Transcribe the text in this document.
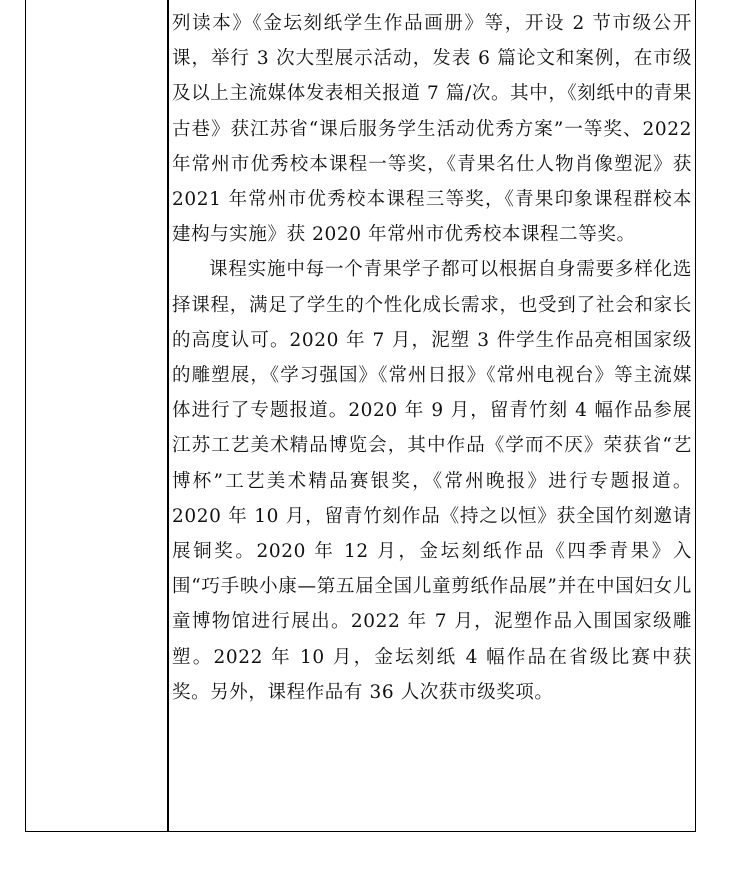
列读本》《金坛刻纸学生作品画册》等，开设 2 节市级公开课，举行 3 次大型展示活动，发表 6 篇论文和案例，在市级及以上主流媒体发表相关报道 7 篇/次。其中，《刻纸中的青果古巷》获江苏省“课后服务学生活动优秀方案”一等奖、2022 年常州市优秀校本课程一等奖，《青果名仕人物肖像塑泥》获 2021 年常州市优秀校本课程三等奖，《青果印象课程群校本建构与实施》获 2020 年常州市优秀校本课程二等奖。

课程实施中每一个青果学子都可以根据自身需要多样化选择课程，满足了学生的个性化成长需求，也受到了社会和家长的高度认可。2020 年 7 月，泥塑 3 件学生作品亮相国家级的雕塑展，《学习强国》《常州日报》《常州电视台》等主流媒体进行了专题报道。2020 年 9 月，留青竹刻 4 幅作品参展江苏工艺美术精品博览会，其中作品《学而不厌》荣获省“艺博杯”工艺美术精品赛银奖，《常州晚报》进行专题报道。2020 年 10 月，留青竹刻作品《持之以恒》获全国竹刻邀请展铜奖。2020 年 12 月，金坛刻纸作品《四季青果》入围“巧手映小康—第五届全国儿童剪纸作品展”并在中国妇女儿童博物馆进行展出。2022 年 7 月，泥塑作品入围国家级雕塑。2022 年 10 月，金坛刻纸 4 幅作品在省级比赛中获奖。另外，课程作品有 36 人次获市级奖项。
